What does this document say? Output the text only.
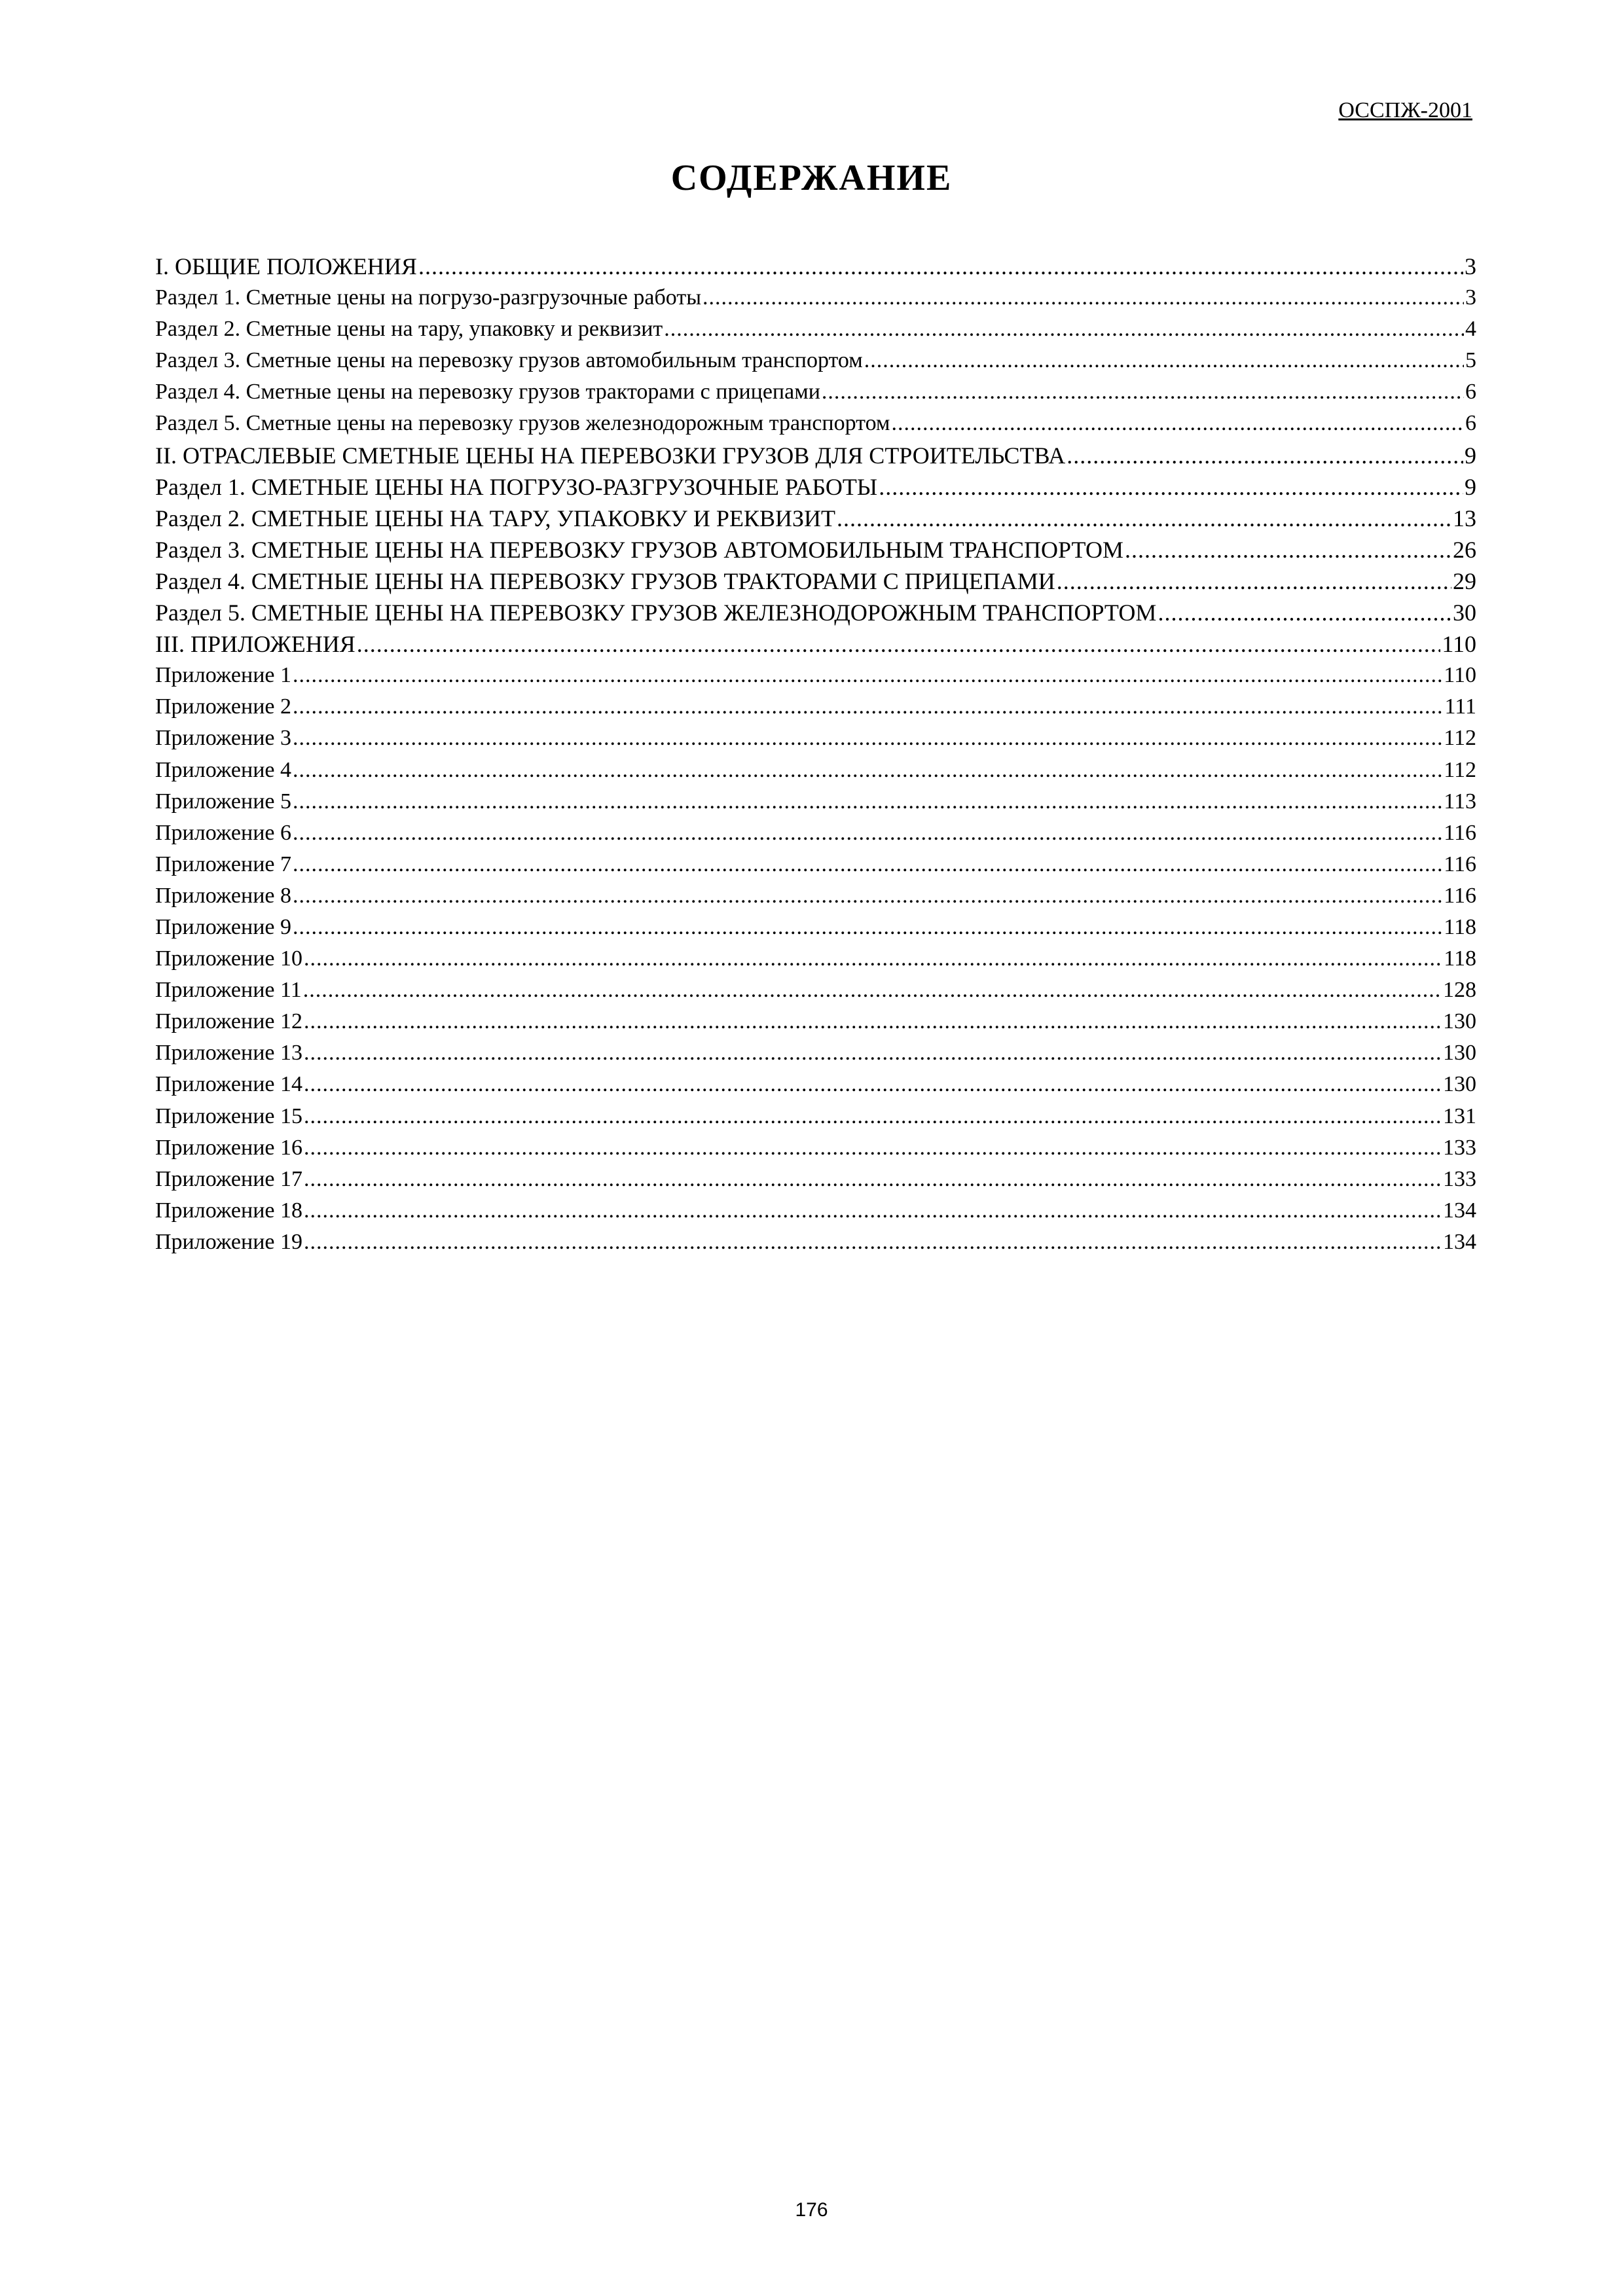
ОССПЖ-2001
СОДЕРЖАНИЕ
I. ОБЩИЕ ПОЛОЖЕНИЯ .....	3
Раздел 1. Сметные цены на погрузо-разгрузочные работы .....	3
Раздел 2. Сметные цены на тару, упаковку и реквизит .....	4
Раздел 3. Сметные цены на перевозку грузов автомобильным транспортом .....	5
Раздел 4. Сметные цены на перевозку грузов тракторами с прицепами .....	6
Раздел 5. Сметные цены на перевозку грузов железнодорожным транспортом .....	6
II. ОТРАСЛЕВЫЕ СМЕТНЫЕ ЦЕНЫ НА ПЕРЕВОЗКИ ГРУЗОВ ДЛЯ СТРОИТЕЛЬСТВА .....	9
Раздел 1. СМЕТНЫЕ ЦЕНЫ НА ПОГРУЗО-РАЗГРУЗОЧНЫЕ РАБОТЫ .....	9
Раздел 2. СМЕТНЫЕ ЦЕНЫ НА ТАРУ, УПАКОВКУ И РЕКВИЗИТ .....	13
Раздел 3. СМЕТНЫЕ ЦЕНЫ НА ПЕРЕВОЗКУ ГРУЗОВ АВТОМОБИЛЬНЫМ ТРАНСПОРТОМ .....	26
Раздел 4. СМЕТНЫЕ ЦЕНЫ НА ПЕРЕВОЗКУ ГРУЗОВ ТРАКТОРАМИ С ПРИЦЕПАМИ .....	29
Раздел 5. СМЕТНЫЕ ЦЕНЫ НА ПЕРЕВОЗКУ ГРУЗОВ ЖЕЛЕЗНОДОРОЖНЫМ ТРАНСПОРТОМ .....	30
III. ПРИЛОЖЕНИЯ .....	110
Приложение 1 .....	110
Приложение 2 .....	111
Приложение 3 .....	112
Приложение 4 .....	112
Приложение 5 .....	113
Приложение 6 .....	116
Приложение 7 .....	116
Приложение 8 .....	116
Приложение 9 .....	118
Приложение 10 .....	118
Приложение 11 .....	128
Приложение 12 .....	130
Приложение 13 .....	130
Приложение 14 .....	130
Приложение 15 .....	131
Приложение 16 .....	133
Приложение 17 .....	133
Приложение 18 .....	134
Приложение 19 .....	134
176
